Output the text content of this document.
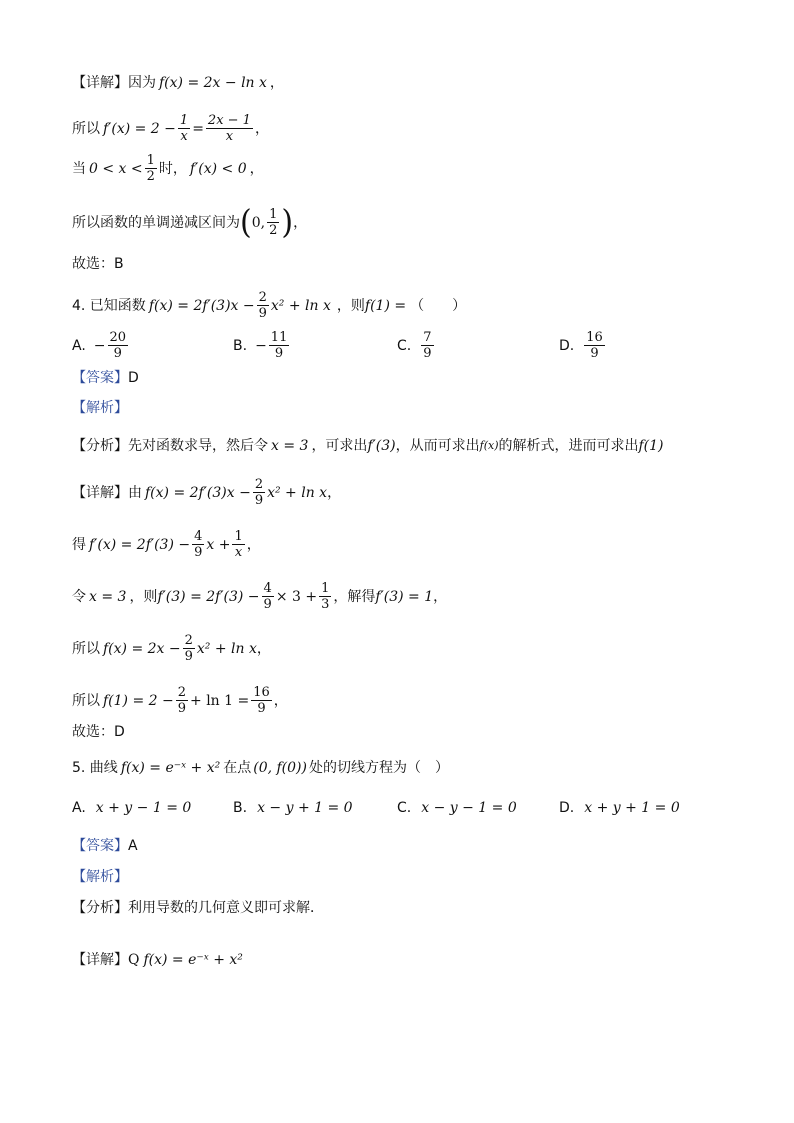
【详解】 因为 f(x) = 2x − ln x ，
所以 $f'(x) = 2 - \frac{1}{x} = \frac{2x - 1}{x}$ ，
当 $0 < x < \frac{1}{2}$ 时， f′(x) < 0 ，
所以函数的单调递减区间为 ( 0, $\frac{1}{2}$ ) ，
故选：B
4. 已知函数 $f(x) = 2f'(3)x - \frac{2}{9} x^2 + \ln x$ ，则 f(1) = （　　）
A. − $\frac{20}{9}$	B. − $\frac{11}{9}$	C. $\frac{7}{9}$	D. $\frac{16}{9}$
【答案】 D
【解析】
【分析】 先对函数求导，然后令 x = 3 ，可求出 f′(3) ，从而可求出 f(x) 的解析式，进而可求出 f(1)
【详解】 由 $f(x) = 2f'(3)x - \frac{2}{9} x^2 + \ln x$ ，
得 $f'(x) = 2f'(3) - \frac{4}{9}$ $x + \frac{1}{x}$ ，
令 x = 3 ，则 $f'(3) = 2f'(3) - \frac{4}{9} \times 3 + \frac{1}{3}$ ，解得 f′(3) = 1 ，
所以 $f(x) = 2x - \frac{2}{9} x^2 + \ln x$ ，
所以 $f(1) = 2 - \frac{2}{9} + \ln 1 = \frac{16}{9}$ ，
故选：D
5. 曲线 f(x) = e⁻ˣ + x² 在点 (0, f(0)) 处的切线方程为（　）
A. x + y − 1 = 0	B. x − y + 1 = 0	C. x − y − 1 = 0	D. x + y + 1 = 0
【答案】 A
【解析】
【分析】 利用导数的几何意义即可求解．
【详解】 Q f(x) = e⁻ˣ + x²
